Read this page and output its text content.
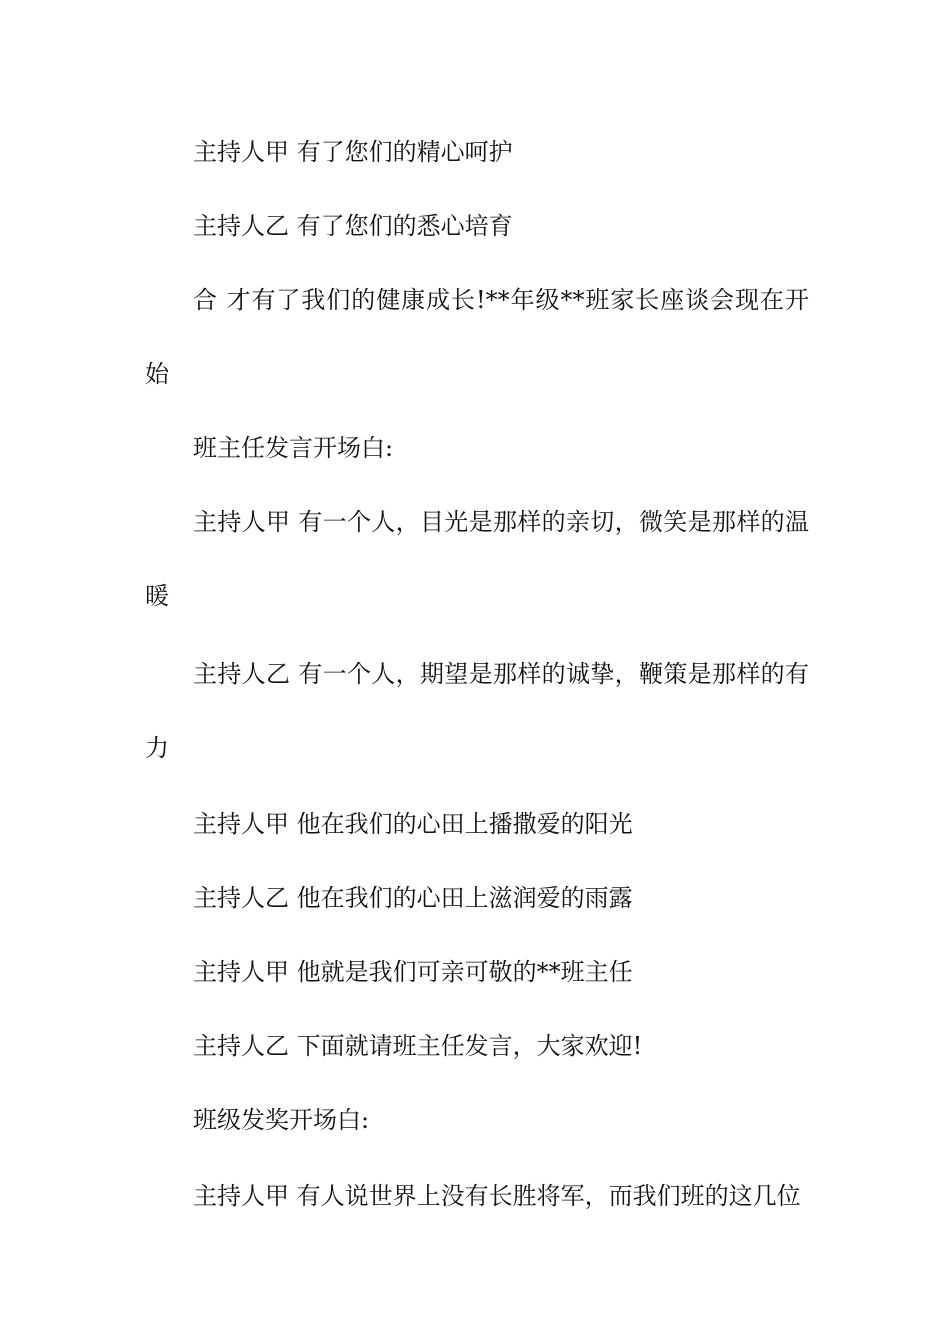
主持人甲 有了您们的精心呵护

主持人乙 有了您们的悉心培育

合 才有了我们的健康成长!**年级**班家长座谈会现在开始

班主任发言开场白:

主持人甲 有一个人，目光是那样的亲切，微笑是那样的温暖

主持人乙 有一个人，期望是那样的诚挚，鞭策是那样的有力

主持人甲 他在我们的心田上播撒爱的阳光

主持人乙 他在我们的心田上滋润爱的雨露

主持人甲 他就是我们可亲可敬的**班主任

主持人乙 下面就请班主任发言，大家欢迎!

班级发奖开场白:

主持人甲 有人说世界上没有长胜将军，而我们班的这几位
